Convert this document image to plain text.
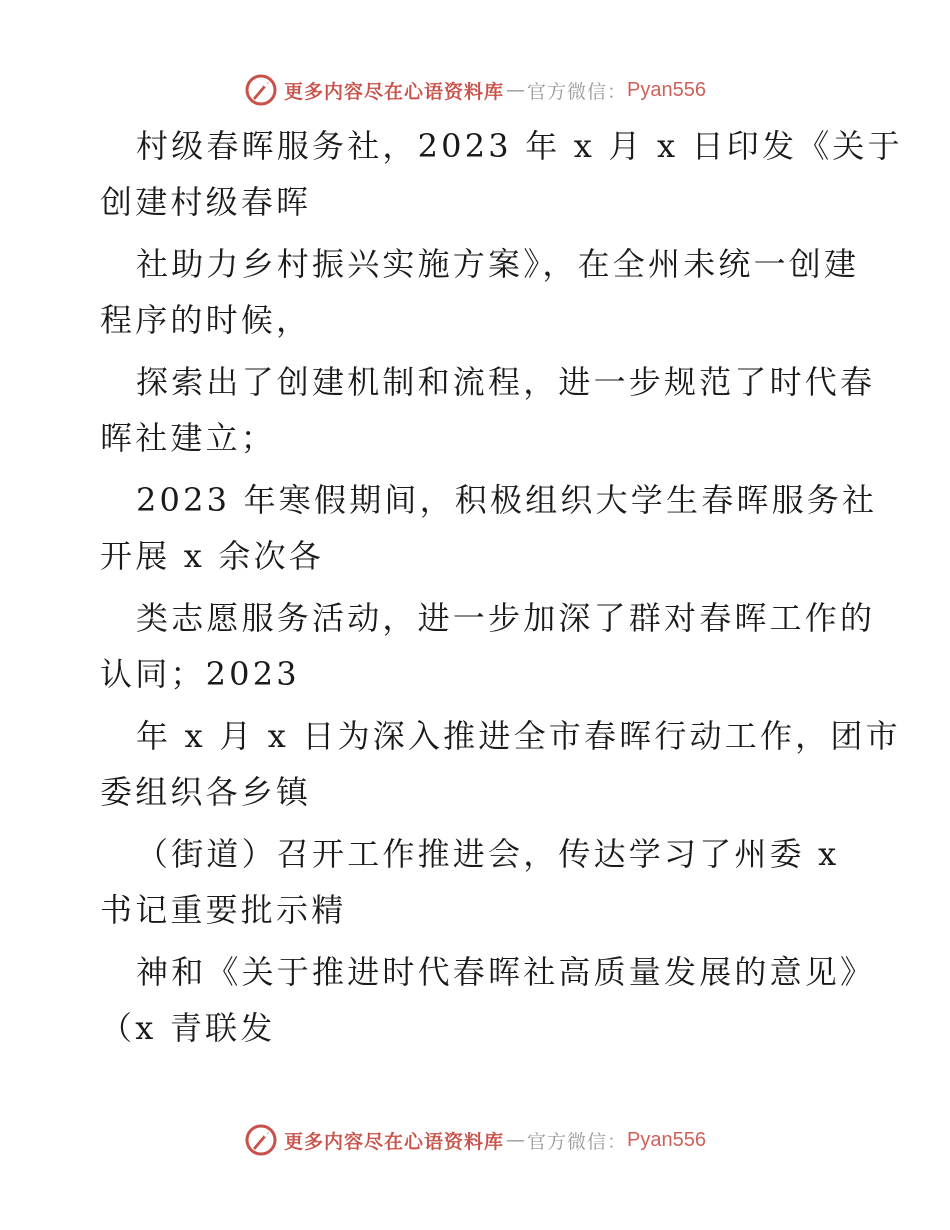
更多内容尽在心语资料库 — 官方微信： Pyan556
村级春晖服务社，2023 年 x 月 x 日印发《关于
创建村级春晖
社助力乡村振兴实施方案》，在全州未统一创建
程序的时候，
探索出了创建机制和流程，进一步规范了时代春
晖社建立；
2023 年寒假期间，积极组织大学生春晖服务社
开展 x 余次各
类志愿服务活动，进一步加深了群对春晖工作的
认同；2023
年 x 月 x 日为深入推进全市春晖行动工作，团市
委组织各乡镇
（街道）召开工作推进会，传达学习了州委 x
书记重要批示精
神和《关于推进时代春晖社高质量发展的意见》
（x 青联发
更多内容尽在心语资料库 — 官方微信： Pyan556
